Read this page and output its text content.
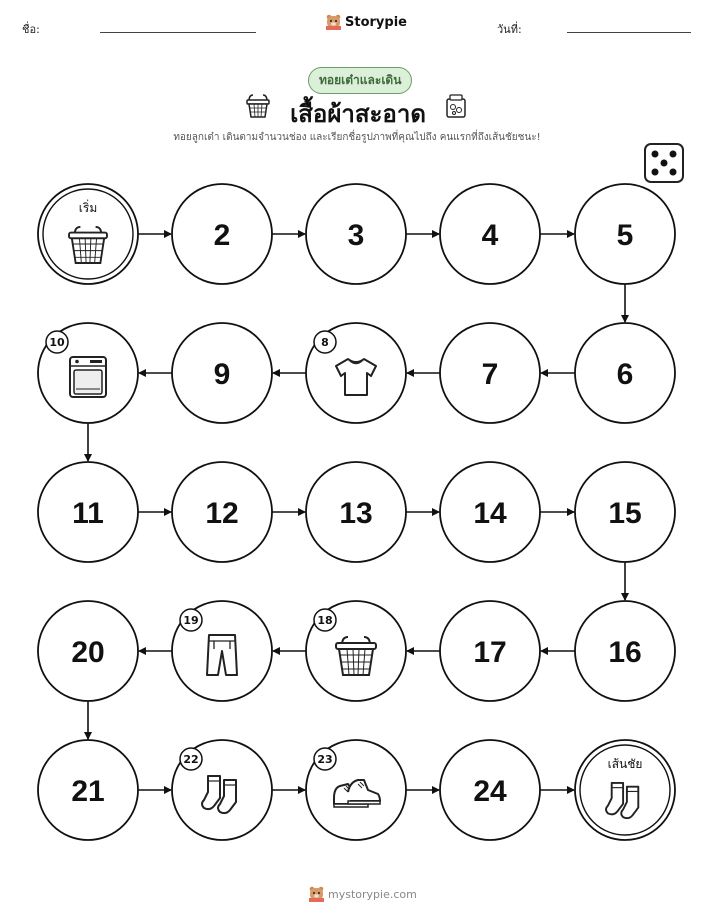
ชื่อ:	Storypie	วันที่:
ทอยเต๋าและเดิน
เสื้อผ้าสะอาด
ทอยลูกเต๋า เดินตามจำนวนช่อง และเรียกชื่อรูปภาพที่คุณไปถึง คนแรกที่ถึงเส้นชัยชนะ!
เริ่ม
2	3	4	5
6
7
8
9
10
11	12	13	14	15
16
17
18
19
20
21
22	23
24
เส้นชัย
mystorypie.com
